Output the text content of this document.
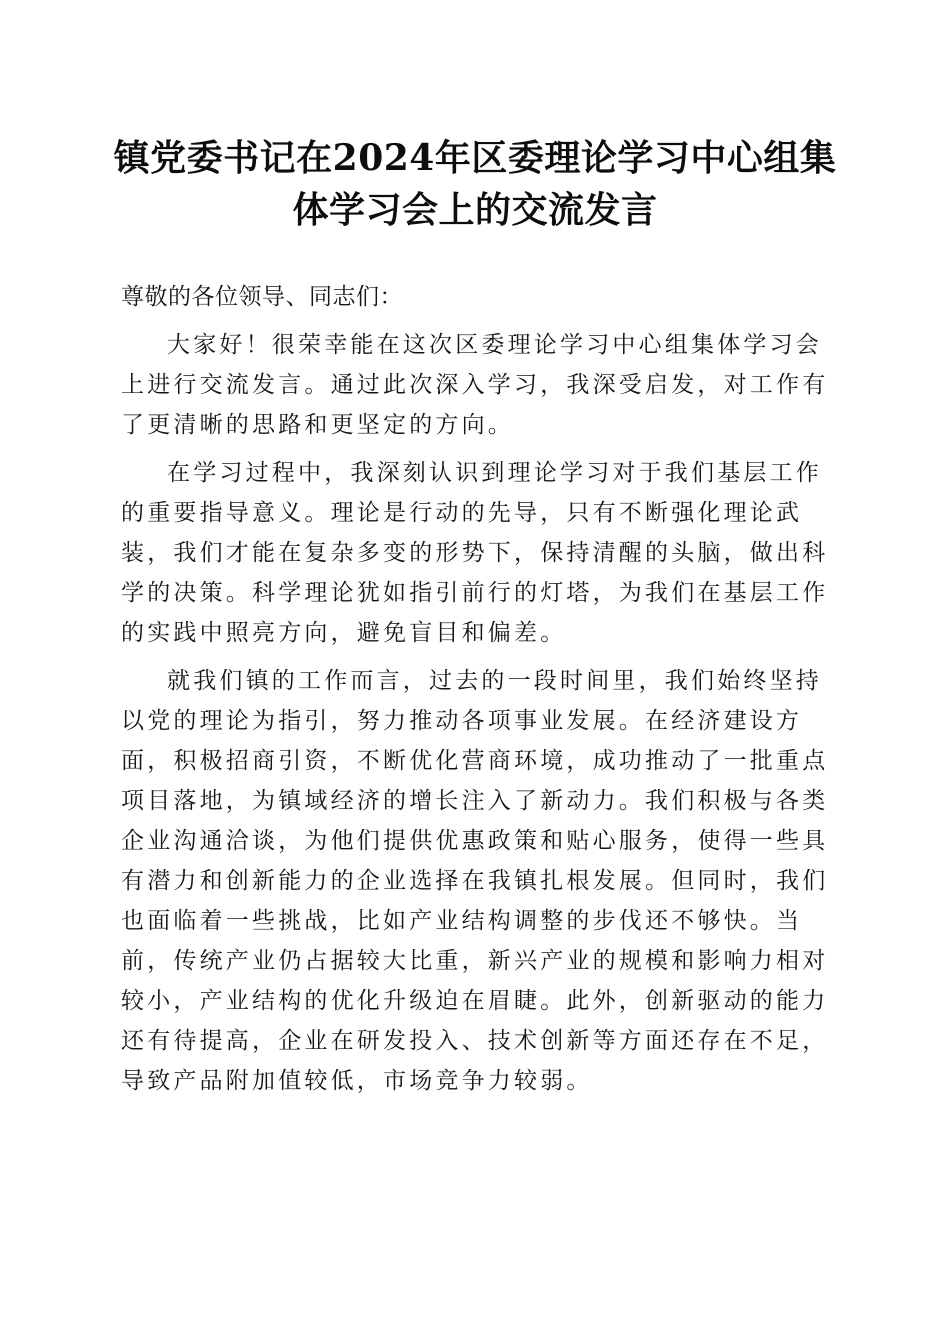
镇党委书记在2024年区委理论学习中心组集
体学习会上的交流发言

尊敬的各位领导、同志们：

大家好！很荣幸能在这次区委理论学习中心组集体学习会上进行交流发言。通过此次深入学习，我深受启发，对工作有了更清晰的思路和更坚定的方向。

在学习过程中，我深刻认识到理论学习对于我们基层工作的重要指导意义。理论是行动的先导，只有不断强化理论武装，我们才能在复杂多变的形势下，保持清醒的头脑，做出科学的决策。科学理论犹如指引前行的灯塔，为我们在基层工作的实践中照亮方向，避免盲目和偏差。

就我们镇的工作而言，过去的一段时间里，我们始终坚持以党的理论为指引，努力推动各项事业发展。在经济建设方面，积极招商引资，不断优化营商环境，成功推动了一批重点项目落地，为镇域经济的增长注入了新动力。我们积极与各类企业沟通洽谈，为他们提供优惠政策和贴心服务，使得一些具有潜力和创新能力的企业选择在我镇扎根发展。但同时，我们也面临着一些挑战，比如产业结构调整的步伐还不够快。当前，传统产业仍占据较大比重，新兴产业的规模和影响力相对较小，产业结构的优化升级迫在眉睫。此外，创新驱动的能力还有待提高，企业在研发投入、技术创新等方面还存在不足，导致产品附加值较低，市场竞争力较弱。
